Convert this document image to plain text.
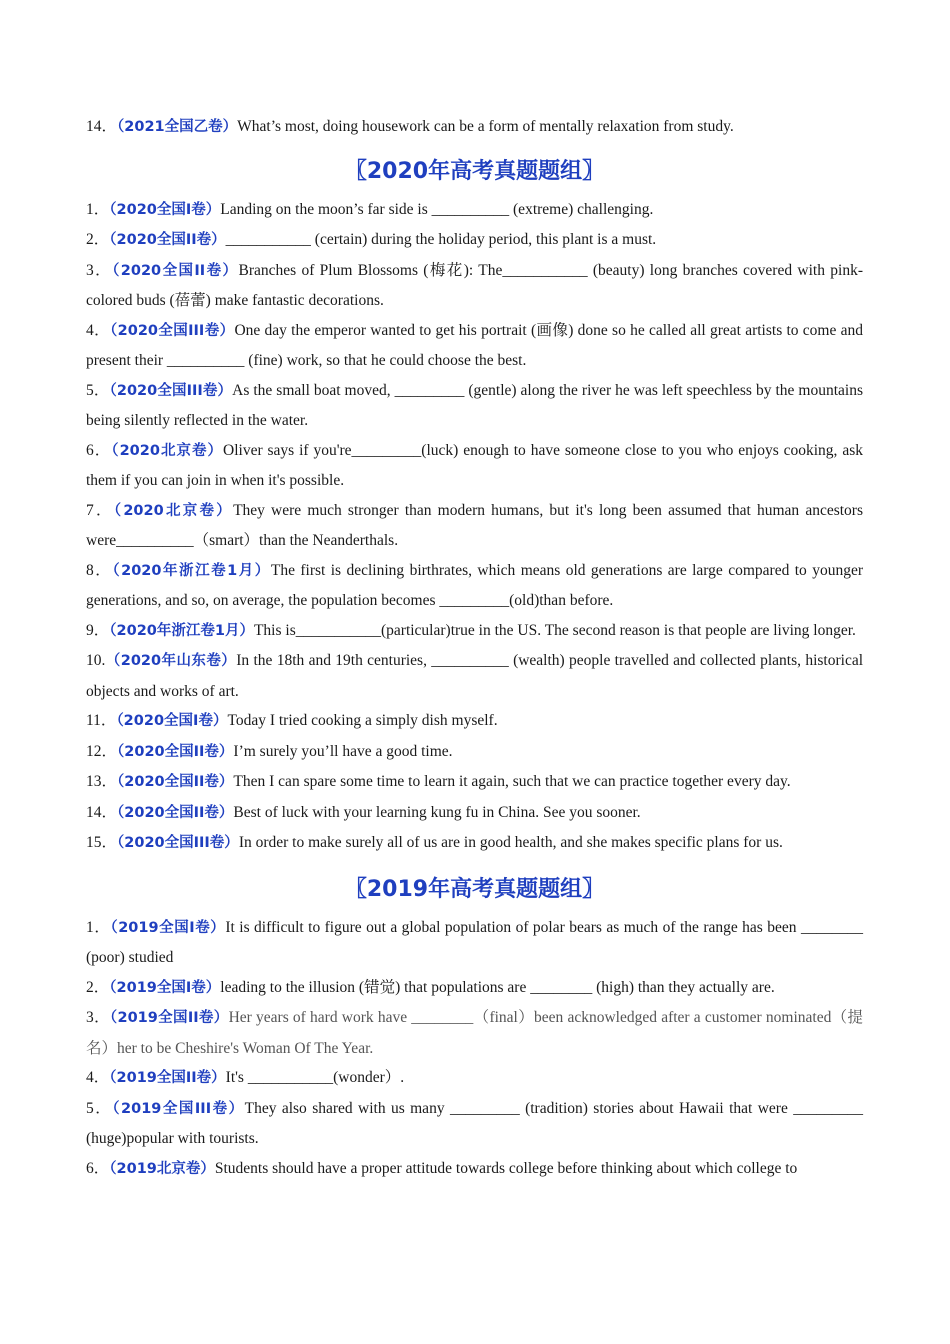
14．（2021全国乙卷）What’s most, doing housework can be a form of mentally relaxation from study.

〖2020年高考真题题组〗

1．（2020全国I卷）Landing on the moon’s far side is __________ (extreme) challenging.

2．（2020全国II卷）___________ (certain) during the holiday period, this plant is a must.

3．（2020全国II卷）Branches of Plum Blossoms (梅花): The___________ (beauty) long branches covered with pink-colored buds (蓓蕾) make fantastic decorations.

4．（2020全国III卷）One day the emperor wanted to get his portrait (画像) done so he called all great artists to come and present their __________ (fine) work, so that he could choose the best.

5．（2020全国III卷）As the small boat moved, _________ (gentle) along the river he was left speechless by the mountains being silently reflected in the water.

6．（2020北京卷）Oliver says if you're_________(luck) enough to have someone close to you who enjoys cooking, ask them if you can join in when it's possible.

7．（2020北京卷）They were much stronger than modern humans, but it's long been assumed that human ancestors were__________（smart）than the Neanderthals.

8．（2020年浙江卷1月）The first is declining birthrates, which means old generations are large compared to younger generations, and so, on average, the population becomes _________(old)than before.

9．（2020年浙江卷1月）This is___________(particular)true in the US. The second reason is that people are living longer.

10.（2020年山东卷）In the 18th and 19th centuries, __________ (wealth) people travelled and collected plants, historical objects and works of art.

11．（2020全国I卷）Today I tried cooking a simply dish myself.

12．（2020全国II卷）I’m surely you’ll have a good time.

13．（2020全国II卷）Then I can spare some time to learn it again, such that we can practice together every day.

14．（2020全国II卷）Best of luck with your learning kung fu in China. See you sooner.

15．（2020全国III卷）In order to make surely all of us are in good health, and she makes specific plans for us.

〖2019年高考真题题组〗

1．（2019全国I卷）It is difficult to figure out a global population of polar bears as much of the range has been ________ (poor) studied

2．（2019全国I卷）leading to the illusion (错觉) that populations are ________ (high) than they actually are.

3．（2019全国II卷）Her years of hard work have ________（final）been acknowledged after a customer nominated（提名）her to be Cheshire's Woman Of The Year.

4．（2019全国II卷）It's ___________(wonder）.

5．（2019全国III卷）They also shared with us many _________ (tradition) stories about Hawaii that were _________ (huge)popular with tourists.

6．（2019北京卷）Students should have a proper attitude towards college before thinking about which college to
